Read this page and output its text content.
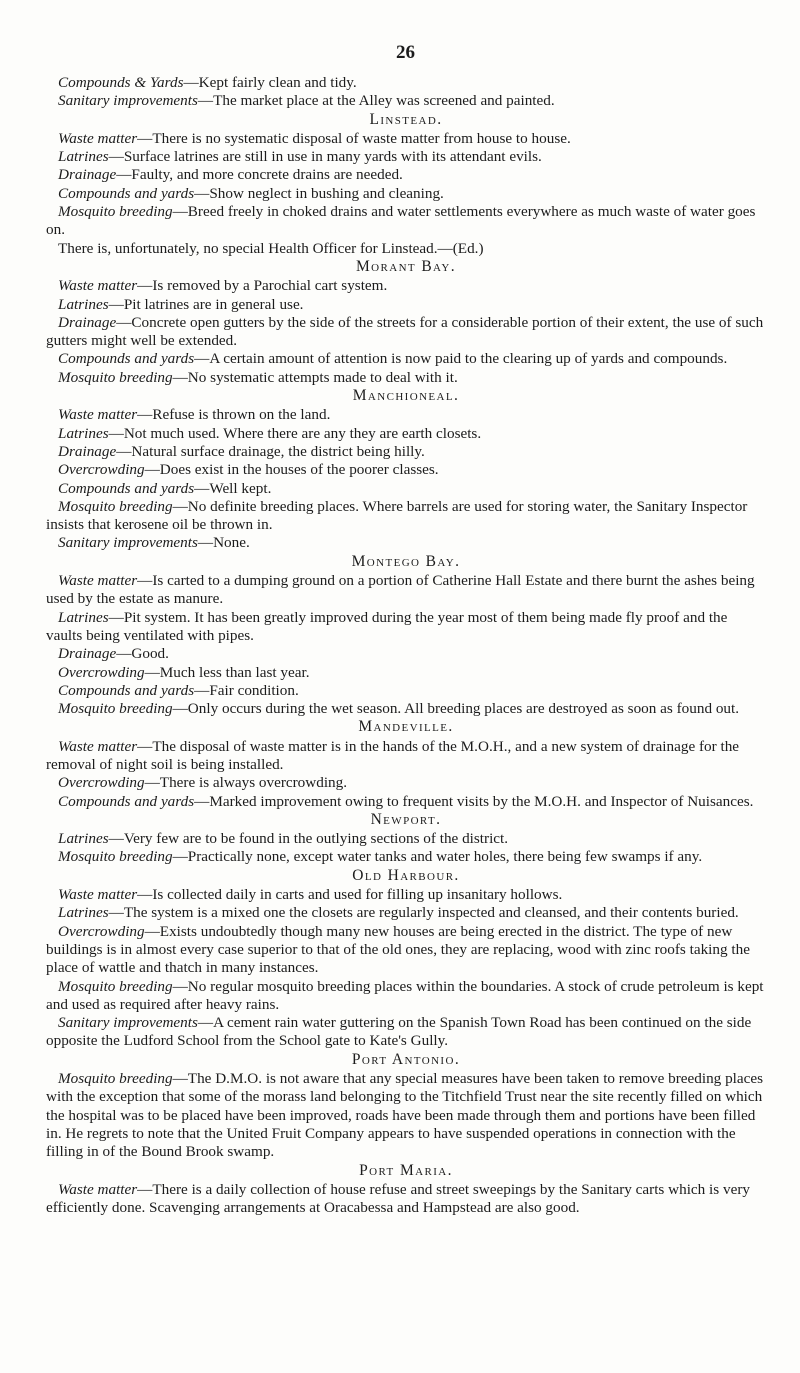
26

Compounds & Yards—Kept fairly clean and tidy.

Sanitary improvements—The market place at the Alley was screened and painted.

Linstead.

Waste matter—There is no systematic disposal of waste matter from house to house.

Latrines—Surface latrines are still in use in many yards with its attendant evils.

Drainage—Faulty, and more concrete drains are needed.

Compounds and yards—Show neglect in bushing and cleaning.

Mosquito breeding—Breed freely in choked drains and water settlements everywhere as much waste of water goes on.

There is, unfortunately, no special Health Officer for Linstead.—(Ed.)

Morant Bay.

Waste matter—Is removed by a Parochial cart system.

Latrines—Pit latrines are in general use.

Drainage—Concrete open gutters by the side of the streets for a considerable portion of their extent, the use of such gutters might well be extended.

Compounds and yards—A certain amount of attention is now paid to the clearing up of yards and compounds.

Mosquito breeding—No systematic attempts made to deal with it.

Manchioneal.

Waste matter—Refuse is thrown on the land.

Latrines—Not much used. Where there are any they are earth closets.

Drainage—Natural surface drainage, the district being hilly.

Overcrowding—Does exist in the houses of the poorer classes.

Compounds and yards—Well kept.

Mosquito breeding—No definite breeding places. Where barrels are used for storing water, the Sanitary Inspector insists that kerosene oil be thrown in.

Sanitary improvements—None.

Montego Bay.

Waste matter—Is carted to a dumping ground on a portion of Catherine Hall Estate and there burnt the ashes being used by the estate as manure.

Latrines—Pit system. It has been greatly improved during the year most of them being made fly proof and the vaults being ventilated with pipes.

Drainage—Good.

Overcrowding—Much less than last year.

Compounds and yards—Fair condition.

Mosquito breeding—Only occurs during the wet season. All breeding places are destroyed as soon as found out.

Mandeville.

Waste matter—The disposal of waste matter is in the hands of the M.O.H., and a new system of drainage for the removal of night soil is being installed.

Overcrowding—There is always overcrowding.

Compounds and yards—Marked improvement owing to frequent visits by the M.O.H. and Inspector of Nuisances.

Newport.

Latrines—Very few are to be found in the outlying sections of the district.

Mosquito breeding—Practically none, except water tanks and water holes, there being few swamps if any.

Old Harbour.

Waste matter—Is collected daily in carts and used for filling up insanitary hollows.

Latrines—The system is a mixed one the closets are regularly inspected and cleansed, and their contents buried.

Overcrowding—Exists undoubtedly though many new houses are being erected in the district. The type of new buildings is in almost every case superior to that of the old ones, they are replacing, wood with zinc roofs taking the place of wattle and thatch in many instances.

Mosquito breeding—No regular mosquito breeding places within the boundaries. A stock of crude petroleum is kept and used as required after heavy rains.

Sanitary improvements—A cement rain water guttering on the Spanish Town Road has been continued on the side opposite the Ludford School from the School gate to Kate's Gully.

Port Antonio.

Mosquito breeding—The D.M.O. is not aware that any special measures have been taken to remove breeding places with the exception that some of the morass land belonging to the Titchfield Trust near the site recently filled on which the hospital was to be placed have been improved, roads have been made through them and portions have been filled in. He regrets to note that the United Fruit Company appears to have suspended operations in connection with the filling in of the Bound Brook swamp.

Port Maria.

Waste matter—There is a daily collection of house refuse and street sweepings by the Sanitary carts which is very efficiently done. Scavenging arrangements at Oracabessa and Hampstead are also good.
